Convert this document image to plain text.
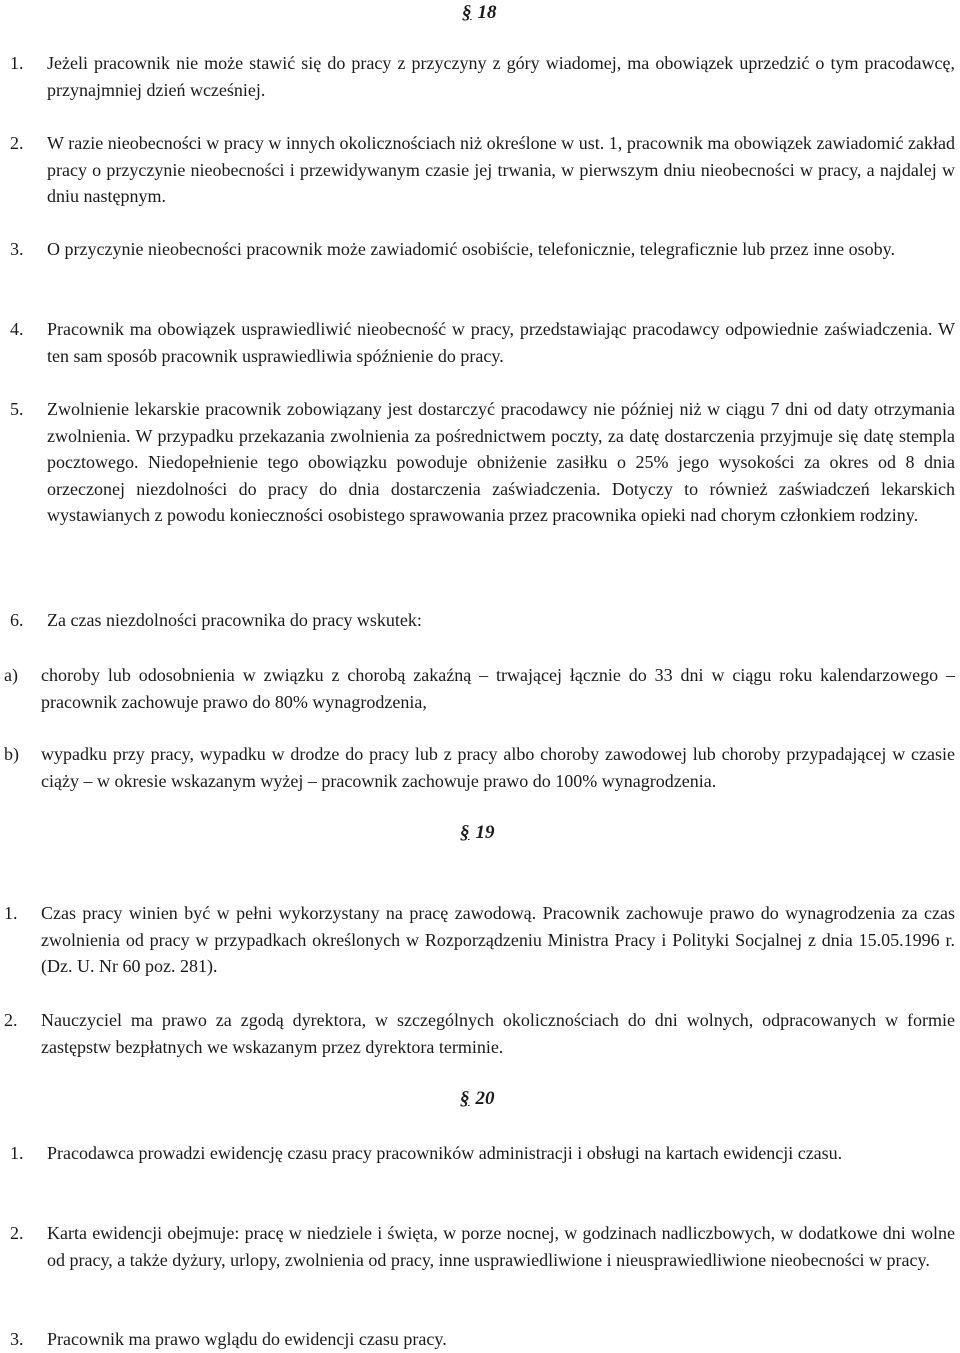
§ 18
1. Jeżeli pracownik nie może stawić się do pracy z przyczyny z góry wiadomej, ma obowiązek uprzedzić o tym pracodawcę, przynajmniej dzień wcześniej.
2. W razie nieobecności w pracy w innych okolicznościach niż określone w ust. 1, pracownik ma obowiązek zawiadomić zakład pracy o przyczynie nieobecności i przewidywanym czasie jej trwania, w pierwszym dniu nieobecności w pracy, a najdalej w dniu następnym.
3. O przyczynie nieobecności pracownik może zawiadomić osobiście, telefonicznie, telegraficznie lub przez inne osoby.
4. Pracownik ma obowiązek usprawiedliwić nieobecność w pracy, przedstawiając pracodawcy odpowiednie zaświadczenia. W ten sam sposób pracownik usprawiedliwia spóźnienie do pracy.
5. Zwolnienie lekarskie pracownik zobowiązany jest dostarczyć pracodawcy nie później niż w ciągu 7 dni od daty otrzymania zwolnienia. W przypadku przekazania zwolnienia za pośrednictwem poczty, za datę dostarczenia przyjmuje się datę stempla pocztowego. Niedopełnienie tego obowiązku powoduje obniżenie zasiłku o 25% jego wysokości za okres od 8 dnia orzeczonej niezdolności do pracy do dnia dostarczenia zaświadczenia. Dotyczy to również zaświadczeń lekarskich wystawianych z powodu konieczności osobistego sprawowania przez pracownika opieki nad chorym członkiem rodziny.
6. Za czas niezdolności pracownika do pracy wskutek:
a) choroby lub odosobnienia w związku z chorobą zakaźną – trwającej łącznie do 33 dni w ciągu roku kalendarzowego – pracownik zachowuje prawo do 80% wynagrodzenia,
b) wypadku przy pracy, wypadku w drodze do pracy lub z pracy albo choroby zawodowej lub choroby przypadającej w czasie ciąży – w okresie wskazanym wyżej – pracownik zachowuje prawo do 100% wynagrodzenia.
§ 19
1. Czas pracy winien być w pełni wykorzystany na pracę zawodową. Pracownik zachowuje prawo do wynagrodzenia za czas zwolnienia od pracy w przypadkach określonych w Rozporządzeniu Ministra Pracy i Polityki Socjalnej z dnia 15.05.1996 r. (Dz. U. Nr 60 poz. 281).
2. Nauczyciel ma prawo za zgodą dyrektora, w szczególnych okolicznościach do dni wolnych, odpracowanych w formie zastępstw bezpłatnych we wskazanym przez dyrektora terminie.
§ 20
1. Pracodawca prowadzi ewidencję czasu pracy pracowników administracji i obsługi na kartach ewidencji czasu.
2. Karta ewidencji obejmuje: pracę w niedziele i święta, w porze nocnej, w godzinach nadliczbowych, w dodatkowe dni wolne od pracy, a także dyżury, urlopy, zwolnienia od pracy, inne usprawiedliwione i nieusprawiedliwione nieobecności w pracy.
3. Pracownik ma prawo wglądu do ewidencji czasu pracy.
